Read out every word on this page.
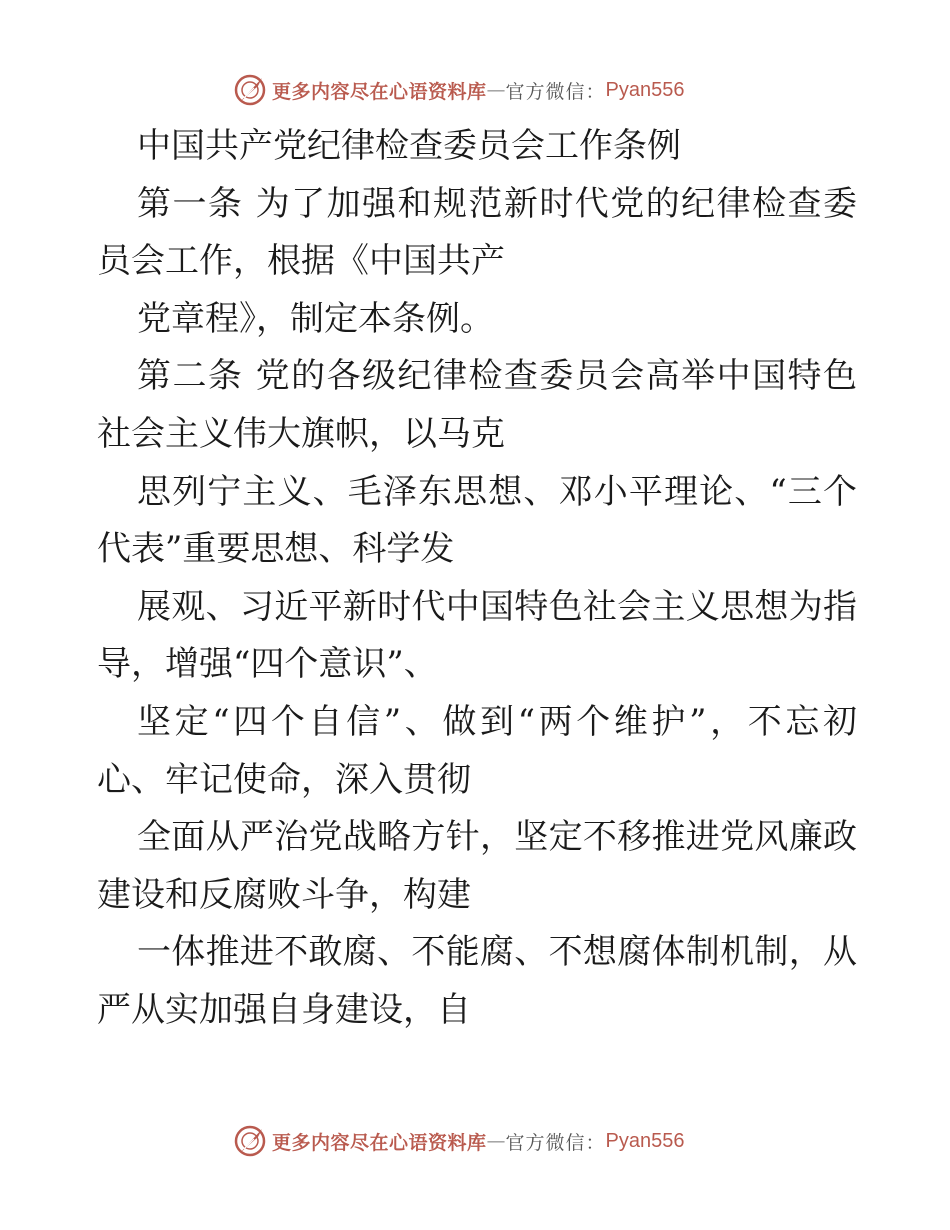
更多内容尽在心语资料库 — 官方微信： Pyan556
中国共产党纪律检查委员会工作条例
第一条 为了加强和规范新时代党的纪律检查委
员会工作，根据《中国共产
党章程》，制定本条例。
第二条 党的各级纪律检查委员会高举中国特色
社会主义伟大旗帜，以马克
思列宁主义、毛泽东思想、邓小平理论、“三个
代表”重要思想、科学发
展观、习近平新时代中国特色社会主义思想为指
导，增强“四个意识”、
坚定“四个自信”、做到“两个维护”，不忘初
心、牢记使命，深入贯彻
全面从严治党战略方针，坚定不移推进党风廉政
建设和反腐败斗争，构建
一体推进不敢腐、不能腐、不想腐体制机制，从
严从实加强自身建设，自
更多内容尽在心语资料库 — 官方微信： Pyan556
